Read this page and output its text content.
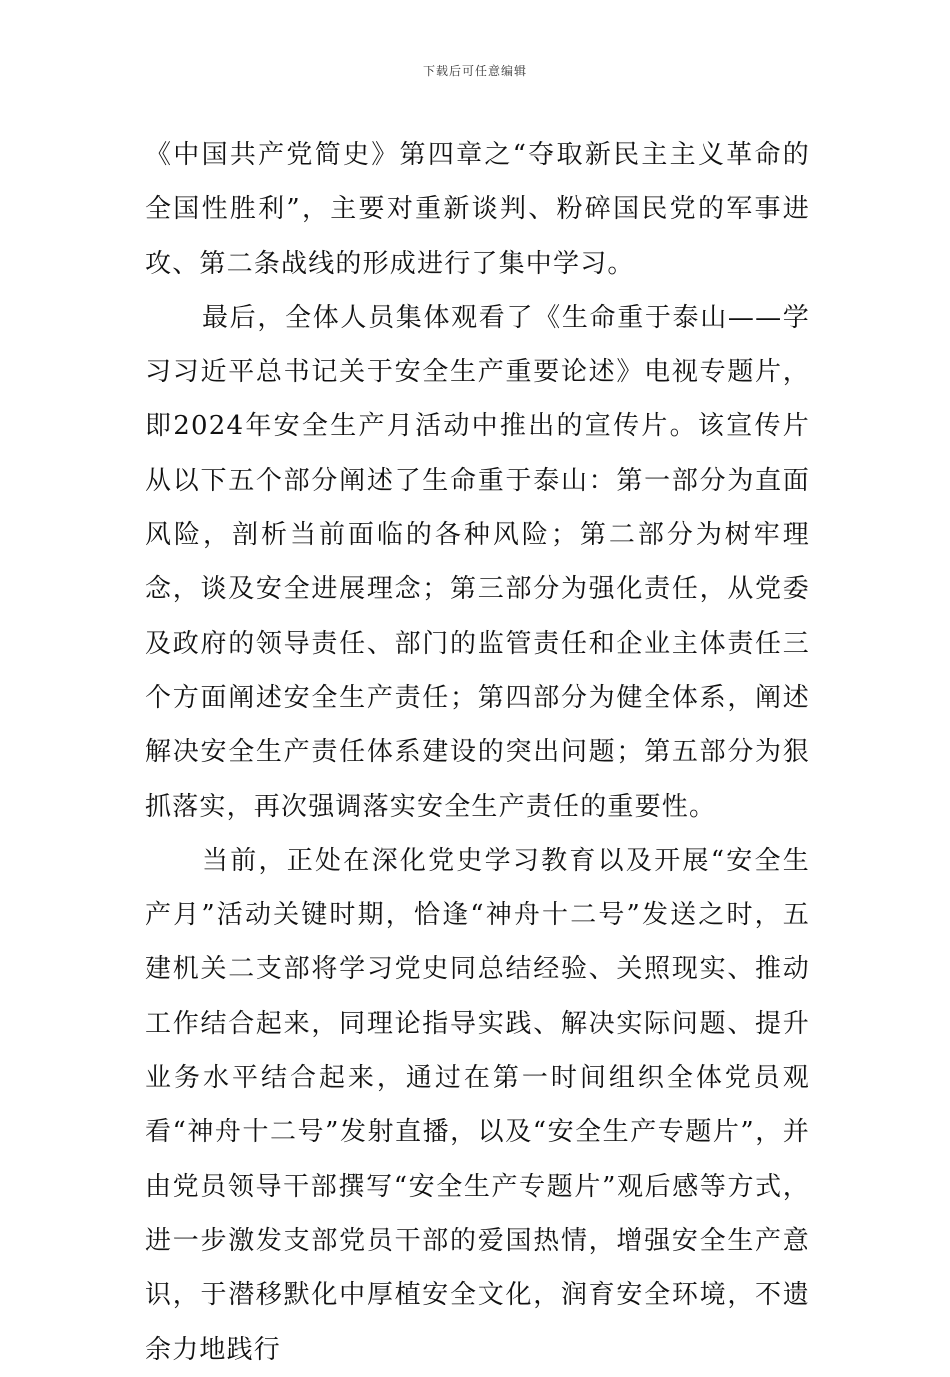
下载后可任意编辑

《中国共产党简史》第四章之“夺取新民主主义革命的全国性胜利”，主要对重新谈判、粉碎国民党的军事进攻、第二条战线的形成进行了集中学习。

最后，全体人员集体观看了《生命重于泰山——学习习近平总书记关于安全生产重要论述》电视专题片，即2024年安全生产月活动中推出的宣传片。该宣传片从以下五个部分阐述了生命重于泰山：第一部分为直面风险，剖析当前面临的各种风险；第二部分为树牢理念，谈及安全进展理念；第三部分为强化责任，从党委及政府的领导责任、部门的监管责任和企业主体责任三个方面阐述安全生产责任；第四部分为健全体系，阐述解决安全生产责任体系建设的突出问题；第五部分为狠抓落实，再次强调落实安全生产责任的重要性。

当前，正处在深化党史学习教育以及开展“安全生产月”活动关键时期，恰逢“神舟十二号”发送之时，五建机关二支部将学习党史同总结经验、关照现实、推动工作结合起来，同理论指导实践、解决实际问题、提升业务水平结合起来，通过在第一时间组织全体党员观看“神舟十二号”发射直播，以及“安全生产专题片”，并由党员领导干部撰写“安全生产专题片”观后感等方式，进一步激发支部党员干部的爱国热情，增强安全生产意识，于潜移默化中厚植安全文化，润育安全环境，不遗余力地践行
